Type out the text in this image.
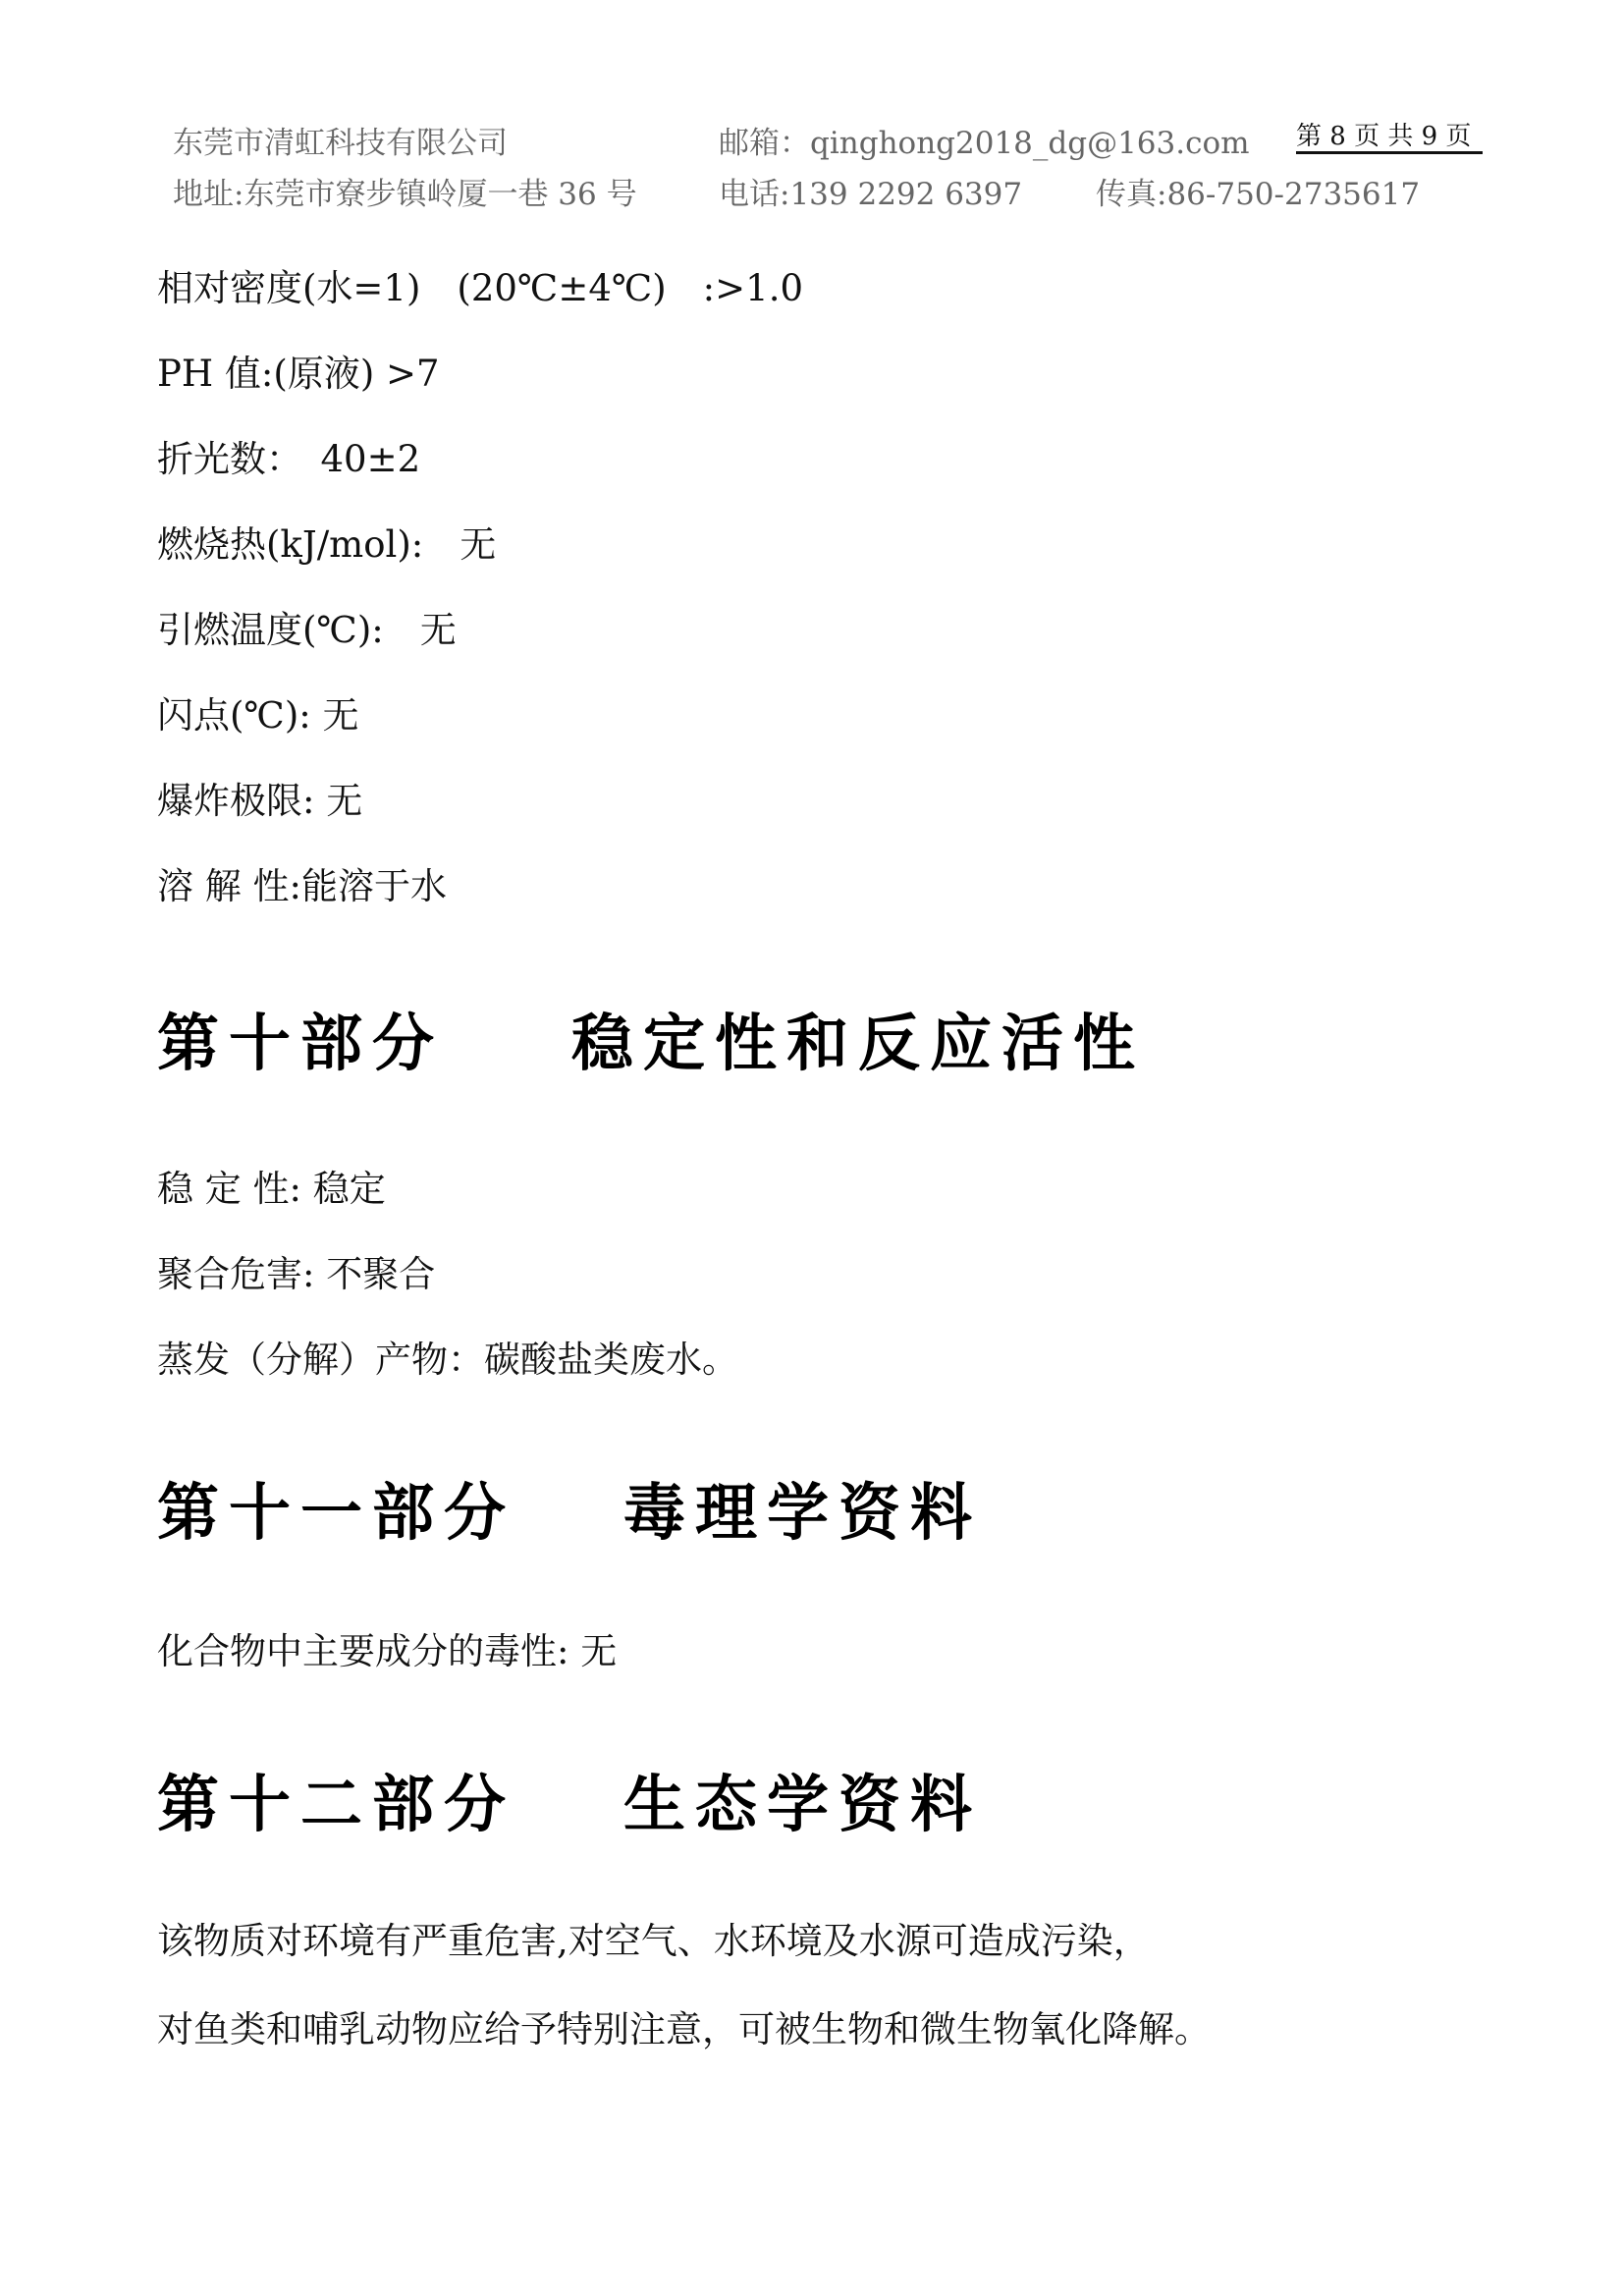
东莞市清虹科技有限公司	邮箱：qinghong2018_dg@163.com 第 8 页 共 9 页
地址:东莞市寮步镇岭厦一巷 36 号	电话:139 2292 6397 传真:86-750-2735617
相对密度(水=1)　(20℃±4℃)　:>1.0
PH 值:(原液) >7
折光数：　40±2
燃烧热(kJ/mol):　无
引燃温度(℃):　无
闪点(℃): 无
爆炸极限: 无
溶 解 性:能溶于水
第十部分 稳定性和反应活性
稳 定 性: 稳定
聚合危害: 不聚合
蒸发（分解）产物：碳酸盐类废水。
第十一部分 毒理学资料
化合物中主要成分的毒性: 无
第十二部分 生态学资料
该物质对环境有严重危害,对空气、水环境及水源可造成污染，
对鱼类和哺乳动物应给予特别注意，可被生物和微生物氧化降解。
